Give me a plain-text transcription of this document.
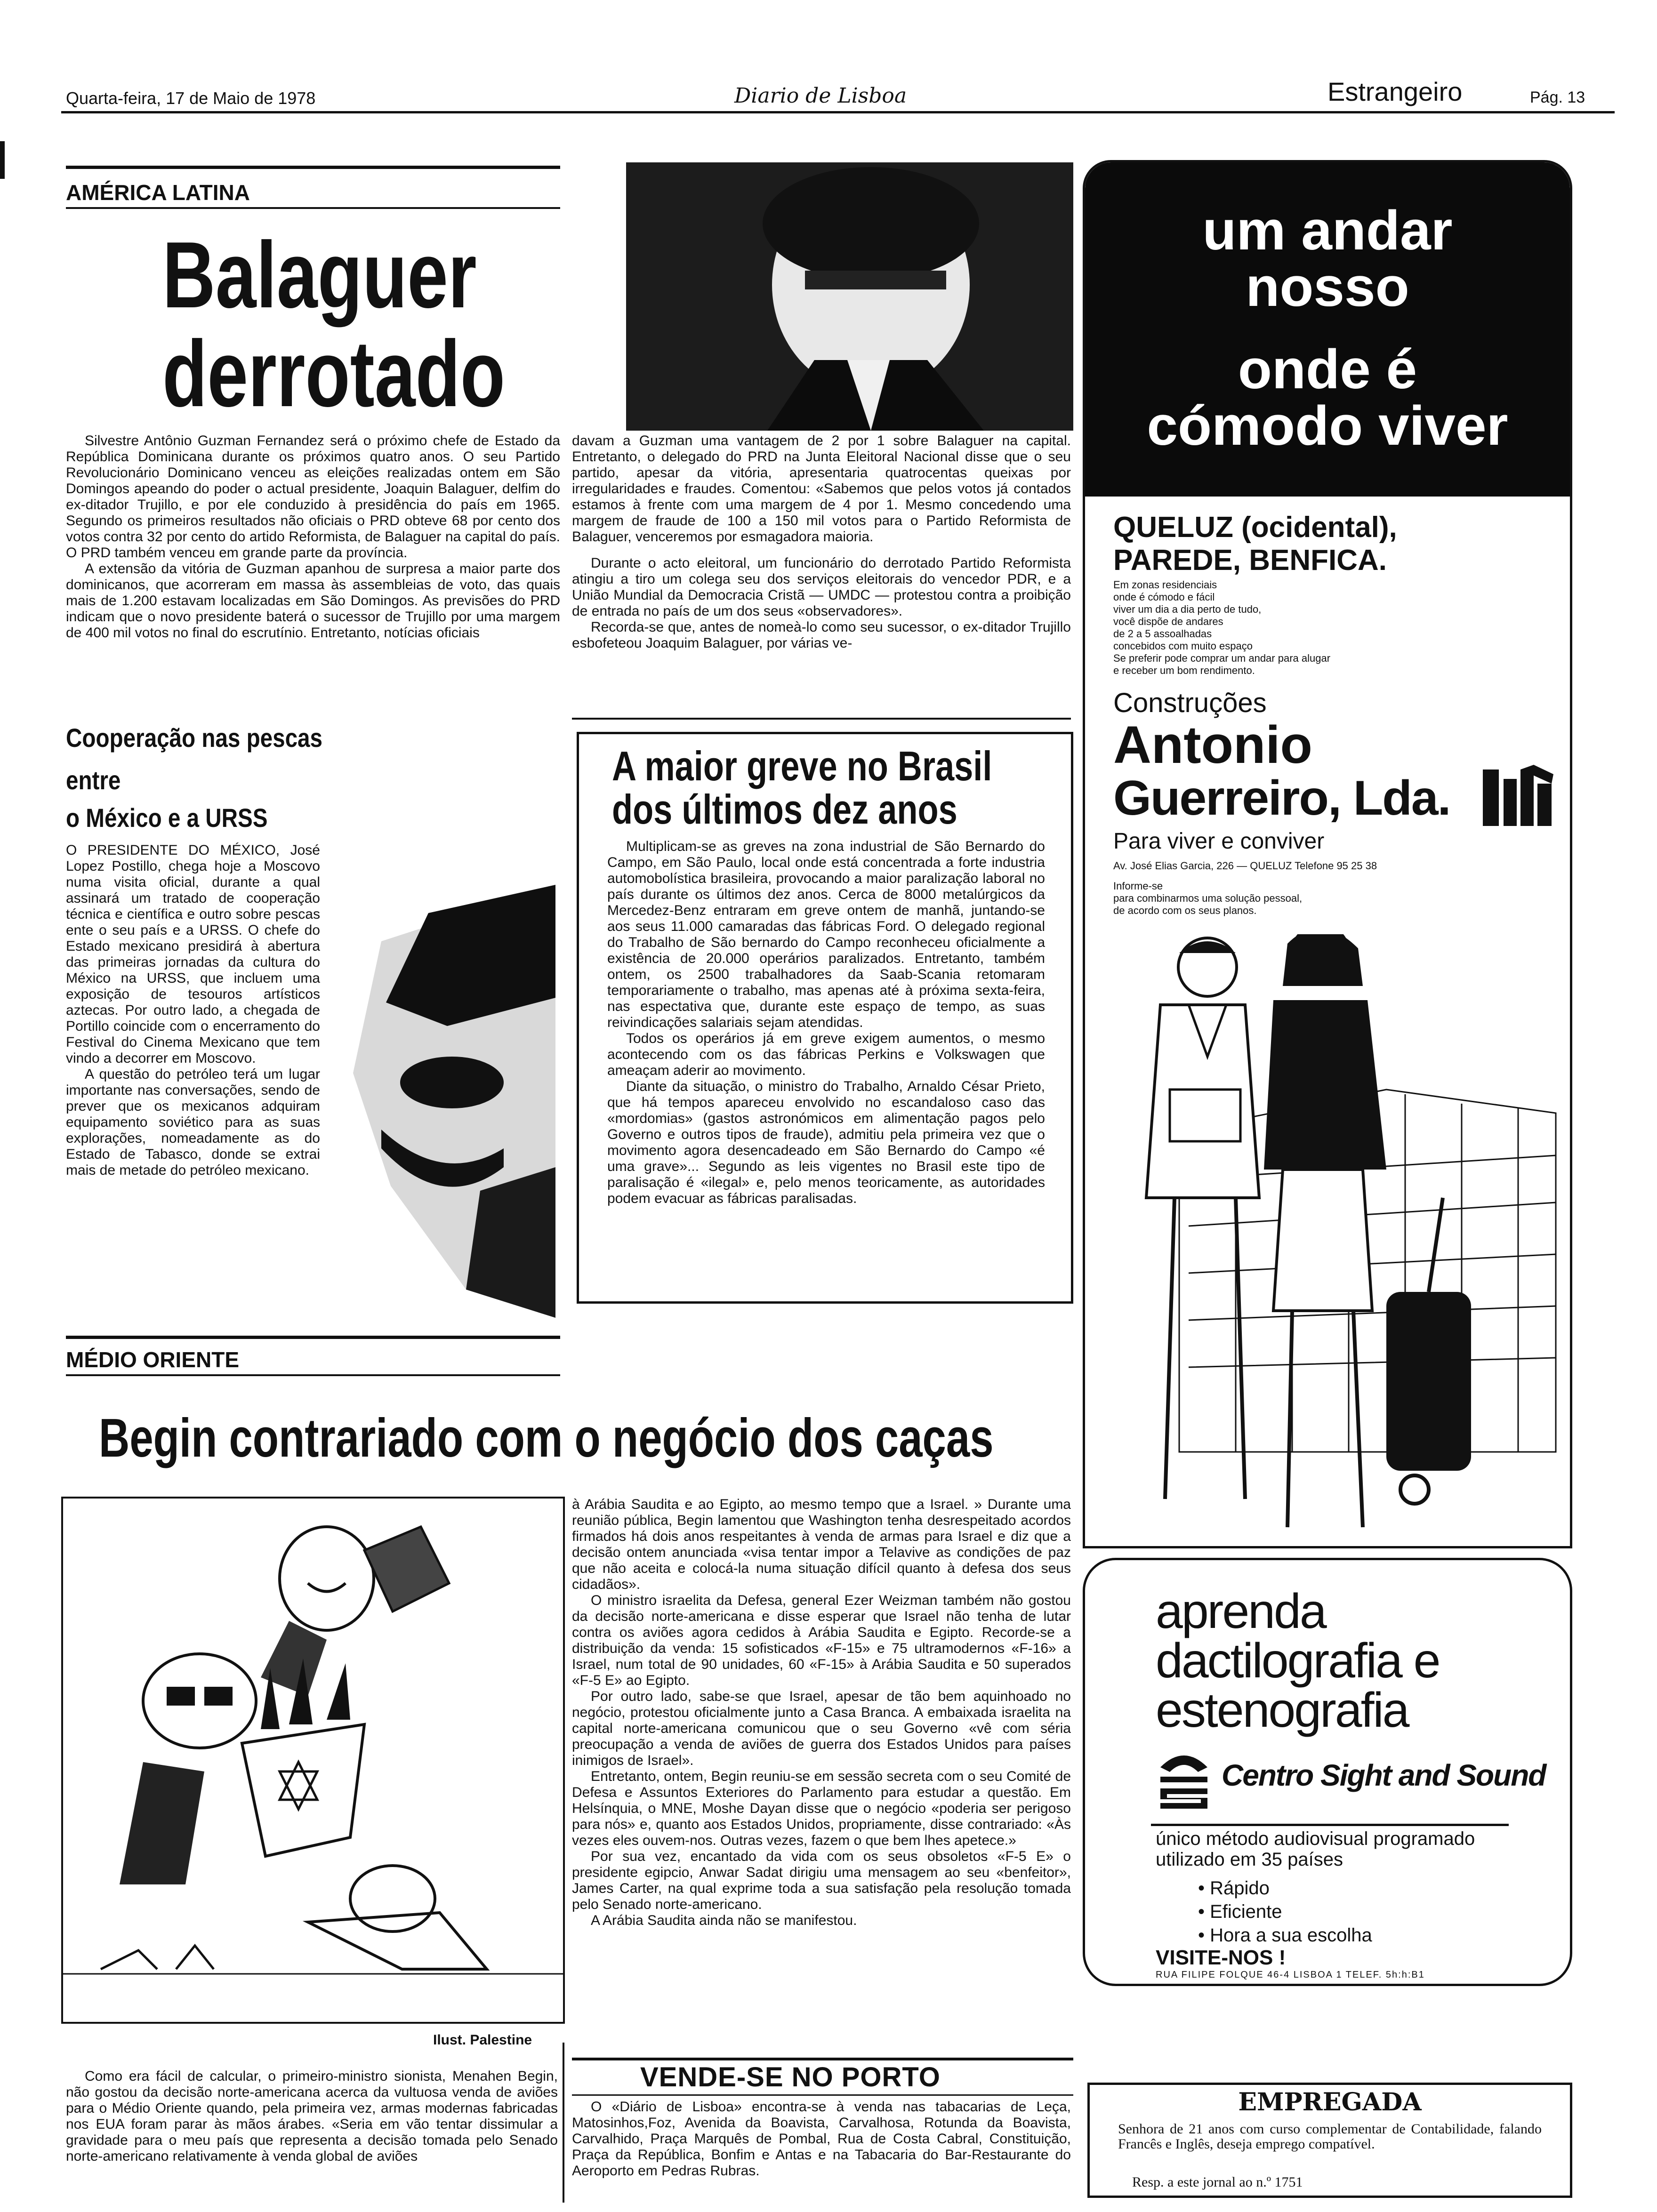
Quarta-feira, 17 de Maio de 1978	Diario de Lisboa	Estrangeiro	Pág. 13
AMÉRICA LATINA
Balaguer
derrotado

Silvestre Antônio Guzman Fernandez será o próximo chefe de Estado da República Dominicana durante os próximos quatro anos. O seu Partido Revolucionário Dominicano venceu as eleições realizadas ontem em São Domingos apeando do poder o actual presidente, Joaquin Balaguer, delfim do ex-ditador Trujillo, e por ele conduzido à presidência do país em 1965. Segundo os primeiros resultados não oficiais o PRD obteve 68 por cento dos votos contra 32 por cento do artido Reformista, de Balaguer na capital do país. O PRD também venceu em grande parte da província.

A extensão da vitória de Guzman apanhou de surpresa a maior parte dos dominicanos, que acorreram em massa às assembleias de voto, das quais mais de 1.200 estavam localizadas em São Domingos. As previsões do PRD indicam que o novo presidente baterá o sucessor de Trujillo por uma margem de 400 mil votos no final do escrutínio. Entretanto, notícias oficiais

davam a Guzman uma vantagem de 2 por 1 sobre Balaguer na capital. Entretanto, o delegado do PRD na Junta Eleitoral Nacional disse que o seu partido, apesar da vitória, apresentaria quatrocentas queixas por irregularidades e fraudes. Comentou: «Sabemos que pelos votos já contados estamos à frente com uma margem de 4 por 1. Mesmo concedendo uma margem de fraude de 100 a 150 mil votos para o Partido Reformista de Balaguer, venceremos por esmagadora maioria.

Durante o acto eleitoral, um funcionário do derrotado Partido Reformista atingiu a tiro um colega seu dos serviços eleitorais do vencedor PDR, e a União Mundial da Democracia Cristã — UMDC — protestou contra a proibição de entrada no país de um dos seus «observadores».

Recorda-se que, antes de nomeà-lo como seu sucessor, o ex-ditador Trujillo esbofeteou Joaquim Balaguer, por várias ve-

Cooperação nas pescas
entre
o México e a URSS

O PRESIDENTE DO MÉXICO, José Lopez Postillo, chega hoje a Moscovo numa visita oficial, durante a qual assinará um tratado de cooperação técnica e científica e outro sobre pescas ente o seu país e a URSS. O chefe do Estado mexicano presidirá à abertura das primeiras jornadas da cultura do México na URSS, que incluem uma exposição de tesouros artísticos aztecas. Por outro lado, a chegada de Portillo coincide com o encerramento do Festival do Cinema Mexicano que tem vindo a decorrer em Moscovo.

A questão do petróleo terá um lugar importante nas conversações, sendo de prever que os mexicanos adquiram equipamento soviético para as suas explorações, nomeadamente as do Estado de Tabasco, donde se extrai mais de metade do petróleo mexicano.

A maior greve no Brasil
dos últimos dez anos

Multiplicam-se as greves na zona industrial de São Bernardo do Campo, em São Paulo, local onde está concentrada a forte industria automobolística brasileira, provocando a maior paralização laboral no país durante os últimos dez anos. Cerca de 8000 metalúrgicos da Mercedez-Benz entraram em greve ontem de manhã, juntando-se aos seus 11.000 camaradas das fábricas Ford. O delegado regional do Trabalho de São bernardo do Campo reconheceu oficialmente a existência de 20.000 operários paralizados. Entretanto, também ontem, os 2500 trabalhadores da Saab-Scania retomaram temporariamente o trabalho, mas apenas até à próxima sexta-feira, nas espectativa que, durante este espaço de tempo, as suas reivindicações salariais sejam atendidas.

Todos os operários já em greve exigem aumentos, o mesmo acontecendo com os das fábricas Perkins e Volkswagen que ameaçam aderir ao movimento.

Diante da situação, o ministro do Trabalho, Arnaldo César Prieto, que há tempos apareceu envolvido no escandaloso caso das «mordomias» (gastos astronómicos em alimentação pagos pelo Governo e outros tipos de fraude), admitiu pela primeira vez que o movimento agora desencadeado em São Bernardo do Campo «é uma grave»... Segundo as leis vigentes no Brasil este tipo de paralisação é «ilegal» e, pelo menos teoricamente, as autoridades podem evacuar as fábricas paralisadas.

MÉDIO ORIENTE
Begin contrariado com o negócio dos caças
Ilust. Palestine

Como era fácil de calcular, o primeiro-ministro sionista, Menahen Begin, não gostou da decisão norte-americana acerca da vultuosa venda de aviões para o Médio Oriente quando, pela primeira vez, armas modernas fabricadas nos EUA foram parar às mãos árabes. «Seria em vão tentar dissimular a gravidade para o meu país que representa a decisão tomada pelo Senado norte-americano relativamente à venda global de aviões

à Arábia Saudita e ao Egipto, ao mesmo tempo que a Israel. » Durante uma reunião pública, Begin lamentou que Washington tenha desrespeitado acordos firmados há dois anos respeitantes à venda de armas para Israel e diz que a decisão ontem anunciada «visa tentar impor a Telavive as condições de paz que não aceita e colocá-la numa situação difícil quanto à defesa dos seus cidadãos».

O ministro israelita da Defesa, general Ezer Weizman também não gostou da decisão norte-americana e disse esperar que Israel não tenha de lutar contra os aviões agora cedidos à Arábia Saudita e Egipto. Recorde-se a distribuição da venda: 15 sofisticados «F-15» e 75 ultramodernos «F-16» a Israel, num total de 90 unidades, 60 «F-15» à Arábia Saudita e 50 superados «F-5 E» ao Egipto.

Por outro lado, sabe-se que Israel, apesar de tão bem aquinhoado no negócio, protestou oficialmente junto a Casa Branca. A embaixada israelita na capital norte-americana comunicou que o seu Governo «vê com séria preocupação a venda de aviões de guerra dos Estados Unidos para países inimigos de Israel».

Entretanto, ontem, Begin reuniu-se em sessão secreta com o seu Comité de Defesa e Assuntos Exteriores do Parlamento para estudar a questão. Em Helsínquia, o MNE, Moshe Dayan disse que o negócio «poderia ser perigoso para nós» e, quanto aos Estados Unidos, propriamente, disse contrariado: «Às vezes eles ouvem-nos. Outras vezes, fazem o que bem lhes apetece.»

Por sua vez, encantado da vida com os seus obsoletos «F-5 E» o presidente egipcio, Anwar Sadat dirigiu uma mensagem ao seu «benfeitor», James Carter, na qual exprime toda a sua satisfação pela resolução tomada pelo Senado norte-americano.

A Arábia Saudita ainda não se manifestou.

VENDE-SE NO PORTO
O «Diário de Lisboa» encontra-se à venda nas tabacarias de Leça, Matosinhos,Foz, Avenida da Boavista, Carvalhosa, Rotunda da Boavista, Carvalhido, Praça Marquês de Pombal, Rua de Costa Cabral, Constituição, Praça da República, Bonfim e Antas e na Tabacaria do Bar-Restaurante do Aeroporto em Pedras Rubras.
um andar
nosso
onde é
cómodo viver
QUELUZ (ocidental),
PAREDE, BENFICA.
Em zonas residenciais
onde é cómodo e fácil
viver um dia a dia perto de tudo,
você dispõe de andares
de 2 a 5 assoalhadas
concebidos com muito espaço
Se preferir pode comprar um andar para alugar
e receber um bom rendimento.
Construções
Antonio
Guerreiro, Lda.
Para viver e conviver
Av. José Elias Garcia, 226 — QUELUZ Telefone 95 25 38
Informe-se
para combinarmos uma solução pessoal,
de acordo com os seus planos.
aprenda
dactilografia e
estenografia
Centro Sight and Sound
único método audiovisual programado
utilizado em 35 países
• Rápido
• Eficiente
• Hora a sua escolha
VISITE-NOS !
RUA FILIPE FOLQUE 46-4 LISBOA 1 TELEF. 5h:h:B1
EMPREGADA
Senhora de 21 anos com curso complementar de Contabilidade, falando Francês e Inglês, deseja emprego compatível.
Resp. a este jornal ao n.º 1751
